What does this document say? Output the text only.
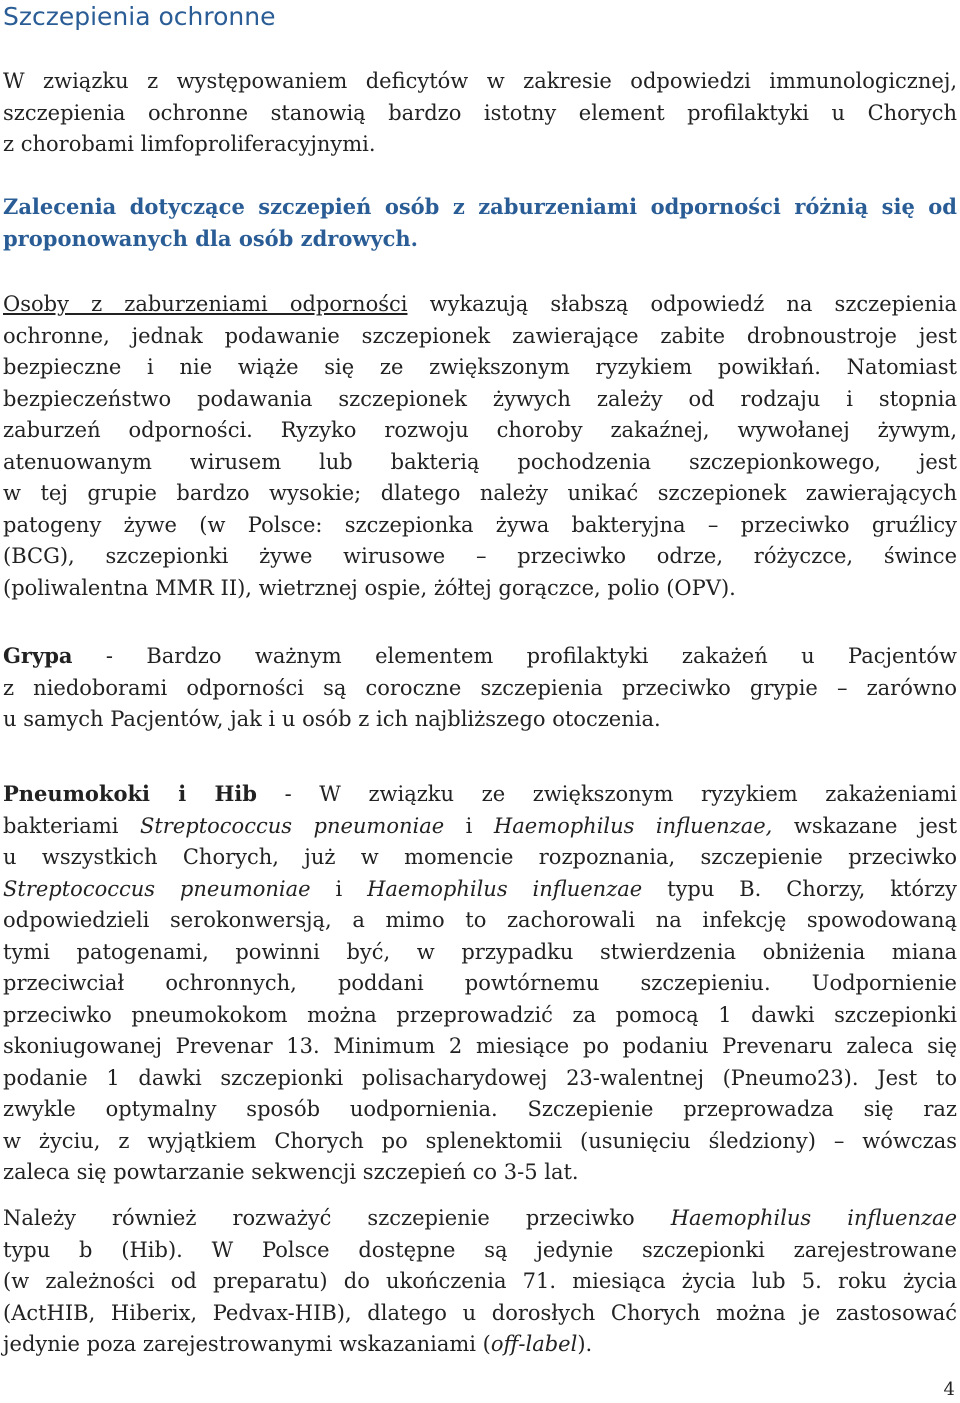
Szczepienia ochronne
W związku z występowaniem deficytów w zakresie odpowiedzi immunologicznej,
szczepienia ochronne stanowią bardzo istotny element profilaktyki u Chorych
z chorobami limfoproliferacyjnymi.
Zalecenia dotyczące szczepień osób z zaburzeniami odporności różnią się od
proponowanych dla osób zdrowych.
Osoby z zaburzeniami odporności wykazują słabszą odpowiedź na szczepienia
ochronne, jednak podawanie szczepionek zawierające zabite drobnoustroje jest
bezpieczne i nie wiąże się ze zwiększonym ryzykiem powikłań. Natomiast
bezpieczeństwo podawania szczepionek żywych zależy od rodzaju i stopnia
zaburzeń odporności. Ryzyko rozwoju choroby zakaźnej, wywołanej żywym,
atenuowanym wirusem lub bakterią pochodzenia szczepionkowego, jest
w tej grupie bardzo wysokie; dlatego należy unikać szczepionek zawierających
patogeny żywe (w Polsce: szczepionka żywa bakteryjna – przeciwko gruźlicy
(BCG), szczepionki żywe wirusowe – przeciwko odrze, różyczce, śwince
(poliwalentna MMR II), wietrznej ospie, żółtej gorączce, polio (OPV).
Grypa - Bardzo ważnym elementem profilaktyki zakażeń u Pacjentów
z niedoborami odporności są coroczne szczepienia przeciwko grypie – zarówno
u samych Pacjentów, jak i u osób z ich najbliższego otoczenia.
Pneumokoki i Hib - W związku ze zwiększonym ryzykiem zakażeniami
bakteriami Streptococcus pneumoniae i Haemophilus influenzae, wskazane jest
u wszystkich Chorych, już w momencie rozpoznania, szczepienie przeciwko
Streptococcus pneumoniae i Haemophilus influenzae typu B. Chorzy, którzy
odpowiedzieli serokonwersją, a mimo to zachorowali na infekcję spowodowaną
tymi patogenami, powinni być, w przypadku stwierdzenia obniżenia miana
przeciwciał ochronnych, poddani powtórnemu szczepieniu. Uodpornienie
przeciwko pneumokokom można przeprowadzić za pomocą 1 dawki szczepionki
skoniugowanej Prevenar 13. Minimum 2 miesiące po podaniu Prevenaru zaleca się
podanie 1 dawki szczepionki polisacharydowej 23-walentnej (Pneumo23). Jest to
zwykle optymalny sposób uodpornienia. Szczepienie przeprowadza się raz
w życiu, z wyjątkiem Chorych po splenektomii (usunięciu śledziony) – wówczas
zaleca się powtarzanie sekwencji szczepień co 3-5 lat.
Należy również rozważyć szczepienie przeciwko Haemophilus influenzae
typu b (Hib). W Polsce dostępne są jedynie szczepionki zarejestrowane
(w zależności od preparatu) do ukończenia 71. miesiąca życia lub 5. roku życia
(ActHIB, Hiberix, Pedvax-HIB), dlatego u dorosłych Chorych można je zastosować
jedynie poza zarejestrowanymi wskazaniami (off-label).
4
